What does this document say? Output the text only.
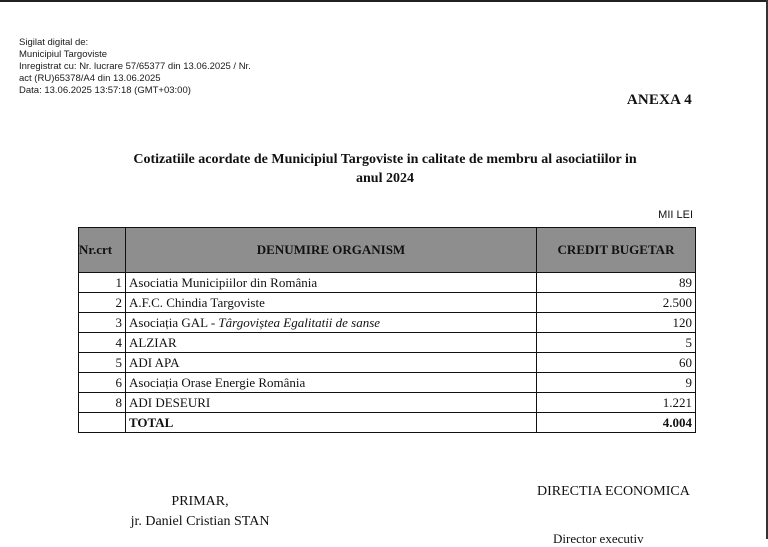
Sigilat digital de:
Municipiul Targoviste
Inregistrat cu: Nr. lucrare 57/65377 din 13.06.2025 / Nr.
act (RU)65378/A4 din 13.06.2025
Data: 13.06.2025 13:57:18 (GMT+03:00)
ANEXA 4
Cotizatiile acordate de Municipiul Targoviste in calitate de membru al asociatiilor in
anul 2024
MII LEI
Nr.crt	DENUMIRE ORGANISM	CREDIT BUGETAR
1	Asociatia Municipiilor din România	89
2	A.F.C. Chindia Targoviste	2.500
3	Asociația GAL - Târgoviștea Egalitatii de sanse	120
4	ALZIAR	5
5	ADI APA	60
6	Asociația Orase Energie România	9
8	ADI DESEURI	1.221
	TOTAL	4.004
PRIMAR,
jr. Daniel Cristian STAN
DIRECTIA ECONOMICA
Director executiv
